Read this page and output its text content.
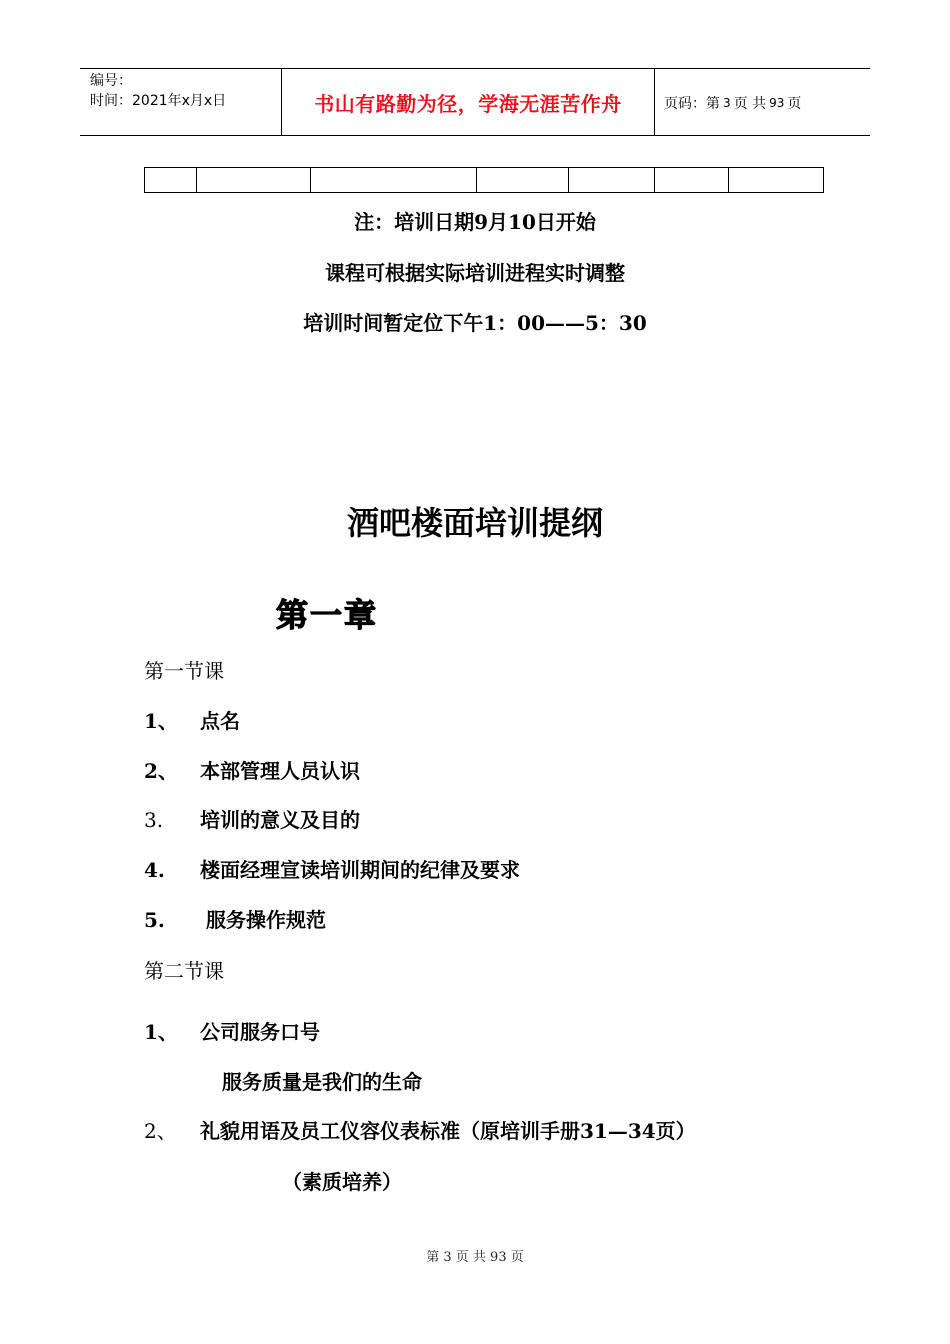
编号：
时间：2021年x月x日	书山有路勤为径，学海无涯苦作舟	页码：第 3 页 共 93 页
注：培训日期9月10日开始
课程可根据实际培训进程实时调整
培训时间暂定位下午1：00——5：30
酒吧楼面培训提纲
第一章
第一节课
1、 点名
2、 本部管理人员认识
3. 培训的意义及目的
4. 楼面经理宣读培训期间的纪律及要求
5. 服务操作规范
第二节课
1、 公司服务口号
服务质量是我们的生命
2、 礼貌用语及员工仪容仪表标准（原培训手册31—34页）
（素质培养）
第 3 页 共 93 页
